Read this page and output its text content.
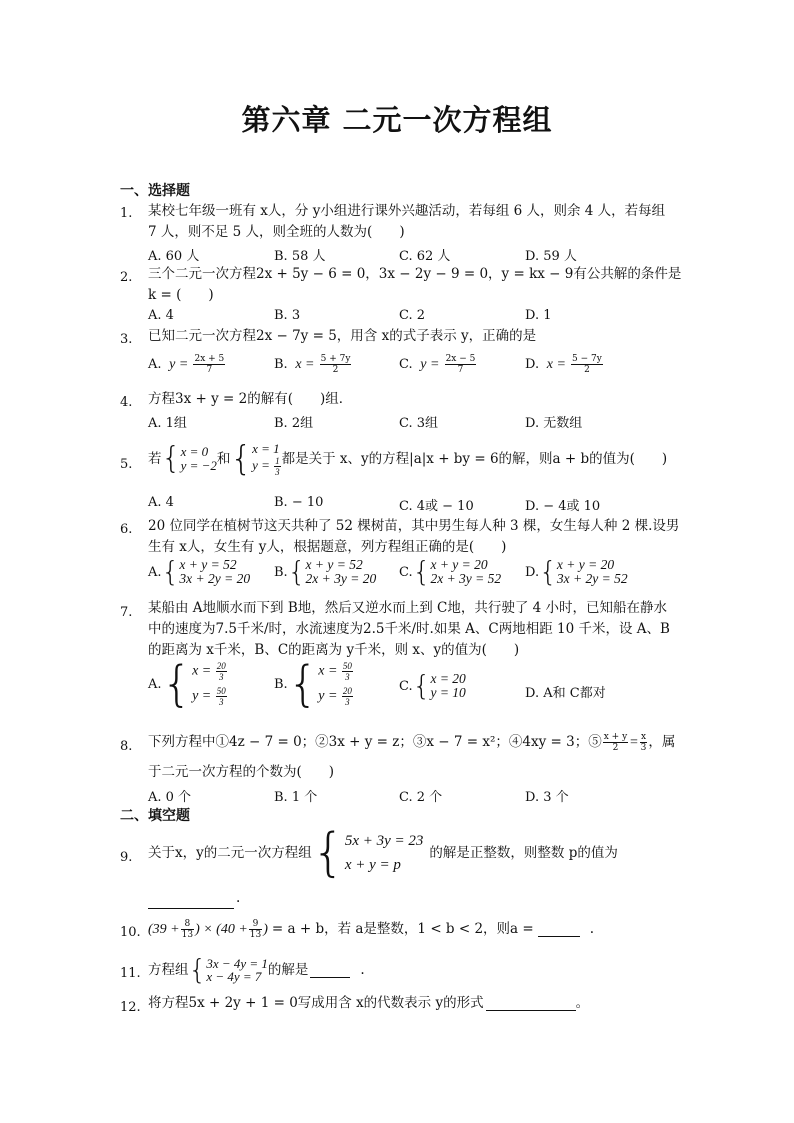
第六章 二元一次方程组
一、选择题
1. 某校七年级一班有 x人，分 y小组进行课外兴趣活动，若每组 6 人，则余 4 人，若每组
7 人，则不足 5 人，则全班的人数为(　　)
A. 60 人	B. 58 人	C. 62 人	D. 59 人
2. 三个二元一次方程2x + 5y − 6 = 0，3x − 2y − 9 = 0，y = kx − 9有公共解的条件是
k = (　　)
A. 4	B. 3	C. 2	D. 1
3. 已知二元一次方程2x − 7y = 5，用含 x的式子表示 y，正确的是
A.  $y = \frac{2x + 5}{7}$	B.  $x = \frac{5 + 7y}{2}$	C.  $y = \frac{2x - 5}{7}$	D.  $x = \frac{5 - 7y}{2}$
4. 方程3x + y = 2的解有(　　)组．
A. 1组	B. 2组	C. 3组	D. 无数组
5. 若 { x = 0
y = −2 和 { x = 1
$y = \frac{1}{3}$ 都是关于 x、y的方程|a|x + by = 6的解，则a + b的值为(　　)
A. 4	B. − 10	C. 4或 − 10	D. − 4或 10
6. 20 位同学在植树节这天共种了 52 棵树苗，其中男生每人种 3 棵，女生每人种 2 棵.设男
生有 x人，女生有 y人，根据题意，列方程组正确的是(　　)
A. { x + y = 52
3x + 2y = 20 B. { x + y = 52
2x + 3y = 20 C. { x + y = 20
2x + 3y = 52 D. { x + y = 20
3x + 2y = 52
7. 某船由 A地顺水而下到 B地，然后又逆水而上到 C地，共行驶了 4 小时，已知船在静水
中的速度为7.5千米/时，水流速度为2.5千米/时.如果 A、C两地相距 10 千米，设 A、B
的距离为 x千米，B、C的距离为 y千米，则 x、y的值为(　　)
A. { $x = \frac{20}{3}$
$y = \frac{50}{3}$
B. { $x = \frac{50}{3}$
$y = \frac{20}{3}$	C. { x = 20
y = 10	D. A和 C都对
8. 下列方程中①4z − 7 = 0；②3x + y = z；③x − 7 = x²；④4xy = 3；⑤ $\frac{x + y}{2} = \frac{x}{3}$ ，属
于二元一次方程的个数为(　　)
A. 0 个	B. 1 个	C. 2 个	D. 3 个
二、填空题
9. 关于x，y的二元一次方程组 { 5x + 3y = 23
x + y = p
的解是正整数，则整数 p的值为
.
10. ($39 + \frac{8}{13}$ ) × ($40 + \frac{9}{13}$ ) = a + b，若 a是整数，1 < b < 2，则a =	.
11. 方程组 { 3x − 4y = 1
x − 4y = 7 的解是	.
12. 将方程5x + 2y + 1 = 0写成用含 x的代数表示 y的形式	。
